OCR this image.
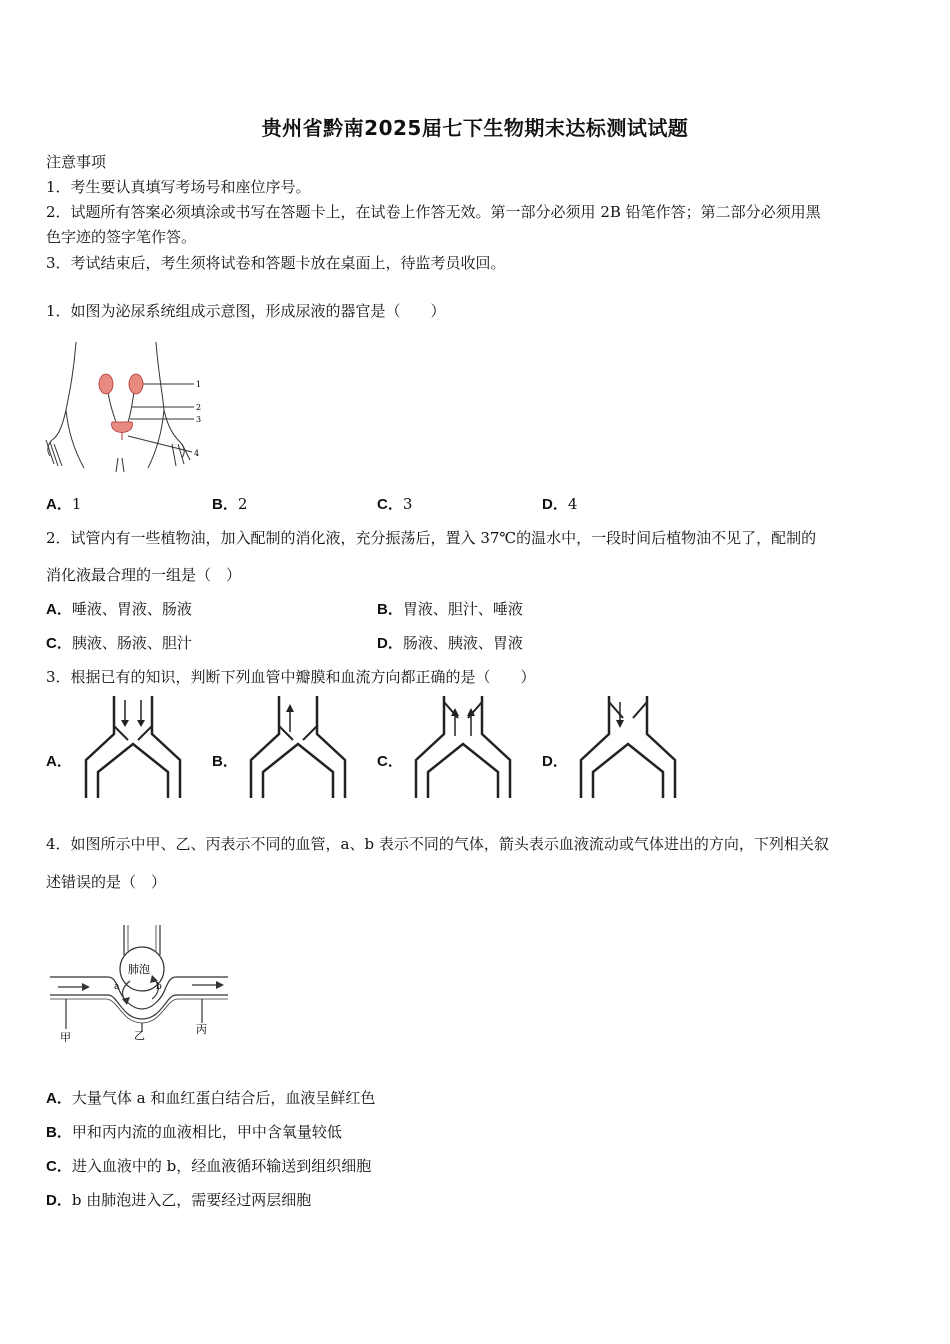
贵州省黔南2025届七下生物期末达标测试试题
注意事项
1．考生要认真填写考场号和座位序号。
2．试题所有答案必须填涂或书写在答题卡上，在试卷上作答无效。第一部分必须用 2B 铅笔作答；第二部分必须用黑
色字迹的签字笔作答。
3．考试结束后，考生须将试卷和答题卡放在桌面上，待监考员收回。
1．如图为泌尿系统组成示意图，形成尿液的器官是（　　）
1
2
3
4
A．1	B．2	C．3	D．4
2．试管内有一些植物油，加入配制的消化液，充分振荡后，置入 37℃的温水中，一段时间后植物油不见了，配制的
消化液最合理的一组是（　）
A．唾液、胃液、肠液	B．胃液、胆汁、唾液
C．胰液、肠液、胆汁	D．肠液、胰液、胃液
3．根据已有的知识，判断下列血管中瓣膜和血流方向都正确的是（　　）
A．	B．	C．	D．
4．如图所示中甲、乙、丙表示不同的血管，a、b 表示不同的气体，箭头表示血液流动或气体进出的方向，下列相关叙
述错误的是（　）
肺泡
a	b
甲	乙	丙
A．大量气体 a 和血红蛋白结合后，血液呈鲜红色
B．甲和丙内流的血液相比，甲中含氧量较低
C．进入血液中的 b，经血液循环输送到组织细胞
D．b 由肺泡进入乙，需要经过两层细胞
